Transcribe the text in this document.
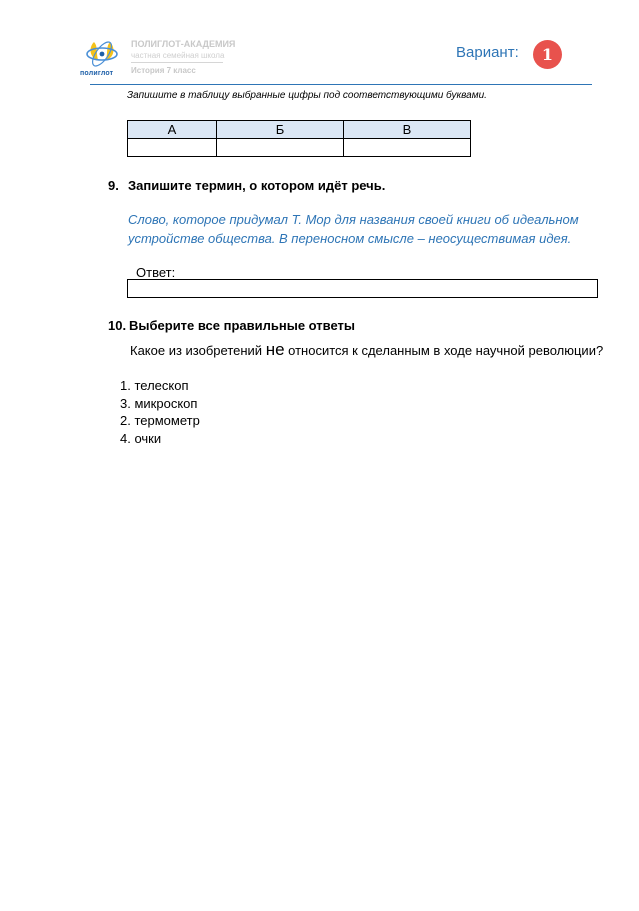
полиглот
ПОЛИГЛОТ-АКАДЕМИЯ
частная семейная школа
История 7 класс
Вариант:	1
Запишите в таблицу выбранные цифры под соответствующими буквами.
А	Б	В

9. Запишите термин, о котором идёт речь.
Слово, которое придумал Т. Мор для названия своей книги об идеальном устройстве общества. В переносном смысле – неосуществимая идея.
Ответ:
10. Выберите все правильные ответы
Какое из изобретений не относится к сделанным в ходе научной революции?
1. телескоп
3. микроскоп
2. термометр
4. очки
